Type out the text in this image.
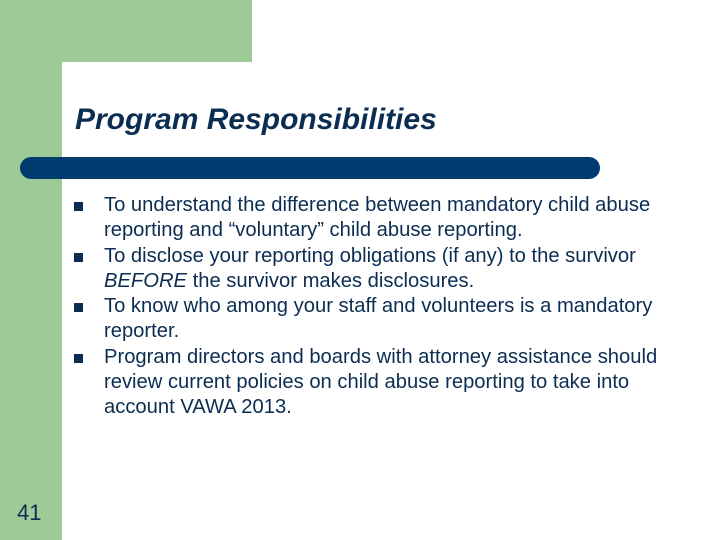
Program Responsibilities
To understand the difference between mandatory child abuse reporting and “voluntary” child abuse reporting.
To disclose your reporting obligations (if any) to the survivor BEFORE the survivor makes disclosures.
To know who among your staff and volunteers is a mandatory reporter.
Program directors and boards with attorney assistance should review current policies on child abuse reporting to take into account VAWA 2013.
41
